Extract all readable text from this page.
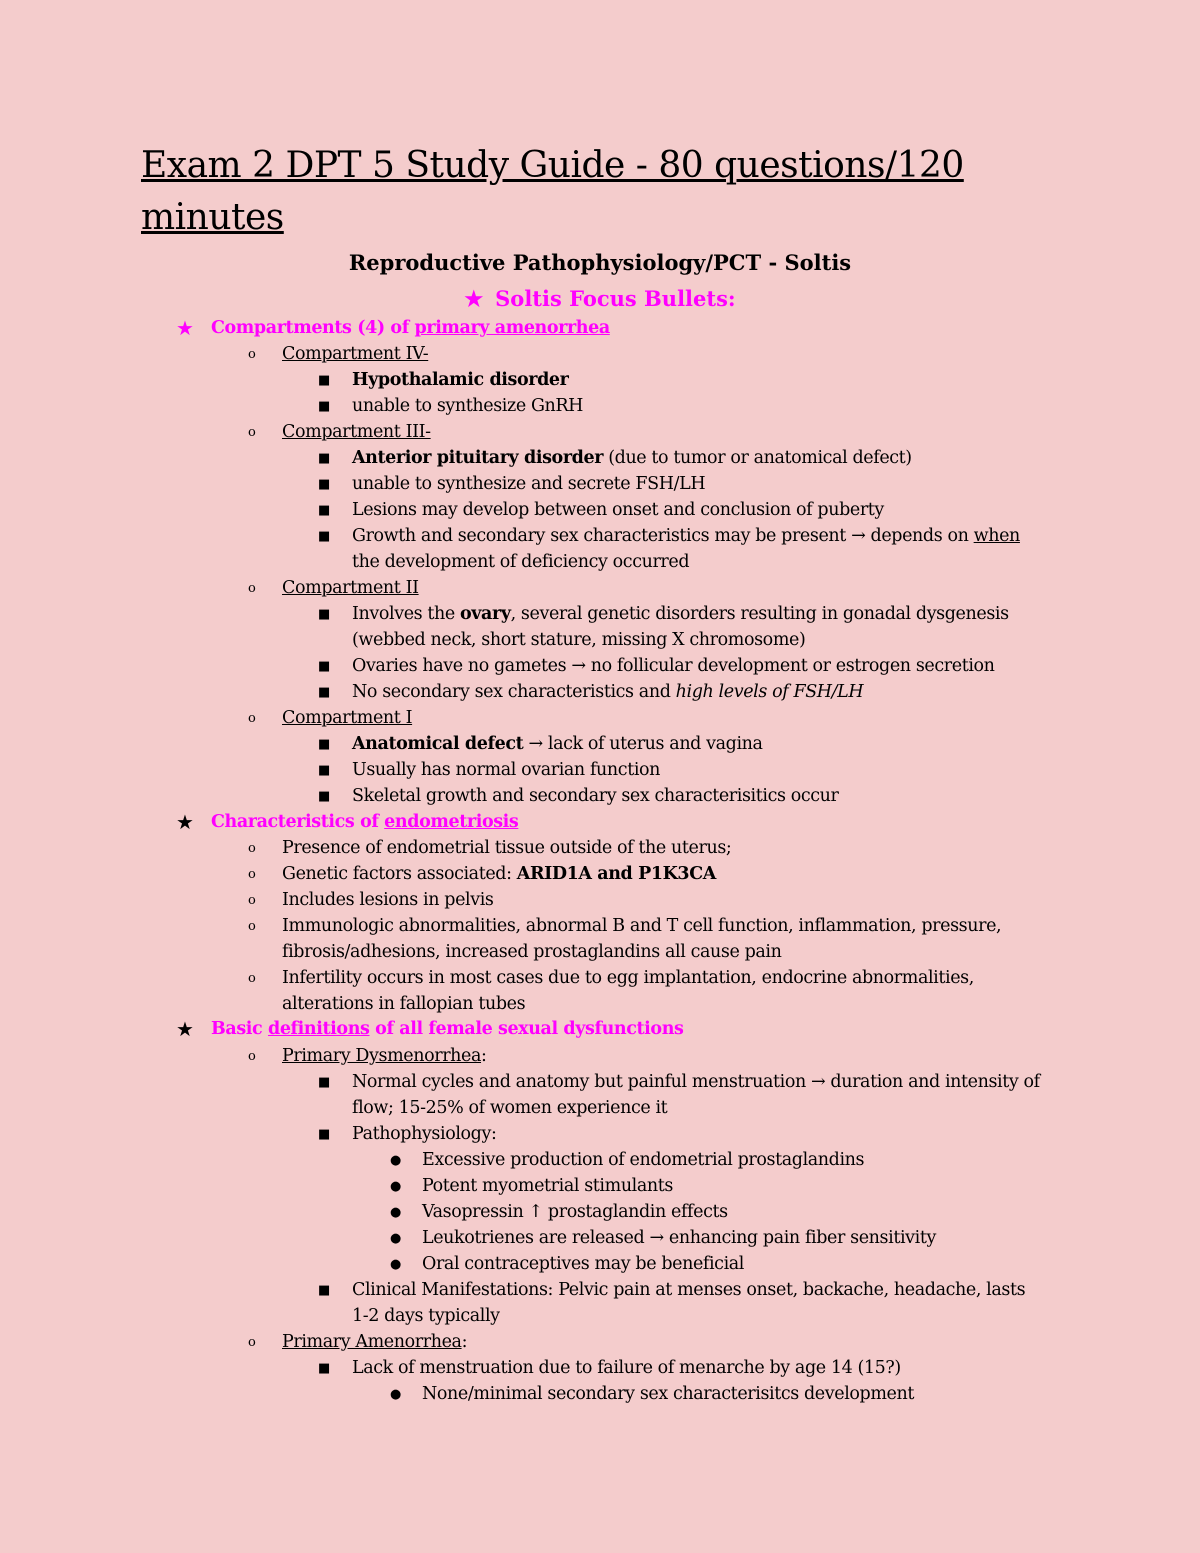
Exam 2 DPT 5 Study Guide - 80 questions/120 minutes
Reproductive Pathophysiology/PCT - Soltis
★ Soltis Focus Bullets:
★ Compartments (4) of primary amenorrhea
o Compartment IV-
■ Hypothalamic disorder
■ unable to synthesize GnRH
o Compartment III-
■ Anterior pituitary disorder (due to tumor or anatomical defect)
■ unable to synthesize and secrete FSH/LH
■ Lesions may develop between onset and conclusion of puberty
■ Growth and secondary sex characteristics may be present → depends on when
the development of deficiency occurred
o Compartment II
■ Involves the ovary, several genetic disorders resulting in gonadal dysgenesis
(webbed neck, short stature, missing X chromosome)
■ Ovaries have no gametes → no follicular development or estrogen secretion
■ No secondary sex characteristics and high levels of FSH/LH
o Compartment I
■ Anatomical defect → lack of uterus and vagina
■ Usually has normal ovarian function
■ Skeletal growth and secondary sex characterisitics occur
★ Characteristics of endometriosis
o Presence of endometrial tissue outside of the uterus;
o Genetic factors associated: ARID1A and P1K3CA
o Includes lesions in pelvis
o Immunologic abnormalities, abnormal B and T cell function, inflammation, pressure,
fibrosis/adhesions, increased prostaglandins all cause pain
o Infertility occurs in most cases due to egg implantation, endocrine abnormalities,
alterations in fallopian tubes
★ Basic definitions of all female sexual dysfunctions
o Primary Dysmenorrhea:
■ Normal cycles and anatomy but painful menstruation → duration and intensity of
flow; 15-25% of women experience it
■ Pathophysiology:
● Excessive production of endometrial prostaglandins
● Potent myometrial stimulants
● Vasopressin ↑ prostaglandin effects
● Leukotrienes are released → enhancing pain fiber sensitivity
● Oral contraceptives may be beneficial
■ Clinical Manifestations: Pelvic pain at menses onset, backache, headache, lasts
1-2 days typically
o Primary Amenorrhea:
■ Lack of menstruation due to failure of menarche by age 14 (15?)
● None/minimal secondary sex characterisitcs development
